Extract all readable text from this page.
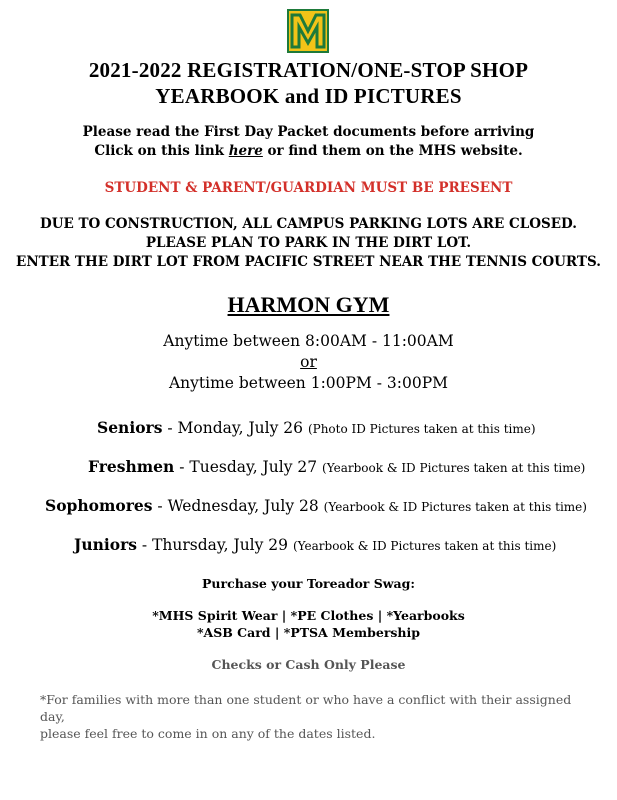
2021-2022 REGISTRATION/ONE-STOP SHOP
YEARBOOK and ID PICTURES
Please read the First Day Packet documents before arriving
Click on this link here or find them on the MHS website.
STUDENT & PARENT/GUARDIAN MUST BE PRESENT
DUE TO CONSTRUCTION, ALL CAMPUS PARKING LOTS ARE CLOSED.
PLEASE PLAN TO PARK IN THE DIRT LOT.
ENTER THE DIRT LOT FROM PACIFIC STREET NEAR THE TENNIS COURTS.
HARMON GYM
Anytime between 8:00AM - 11:00AM
or
Anytime between 1:00PM - 3:00PM
Seniors - Monday, July 26 (Photo ID Pictures taken at this time)
Freshmen - Tuesday, July 27 (Yearbook & ID Pictures taken at this time)
Sophomores - Wednesday, July 28 (Yearbook & ID Pictures taken at this time)
Juniors - Thursday, July 29 (Yearbook & ID Pictures taken at this time)
Purchase your Toreador Swag:
*MHS Spirit Wear | *PE Clothes | *Yearbooks
*ASB Card | *PTSA Membership
Checks or Cash Only Please
*For families with more than one student or who have a conflict with their assigned day,
please feel free to come in on any of the dates listed.
